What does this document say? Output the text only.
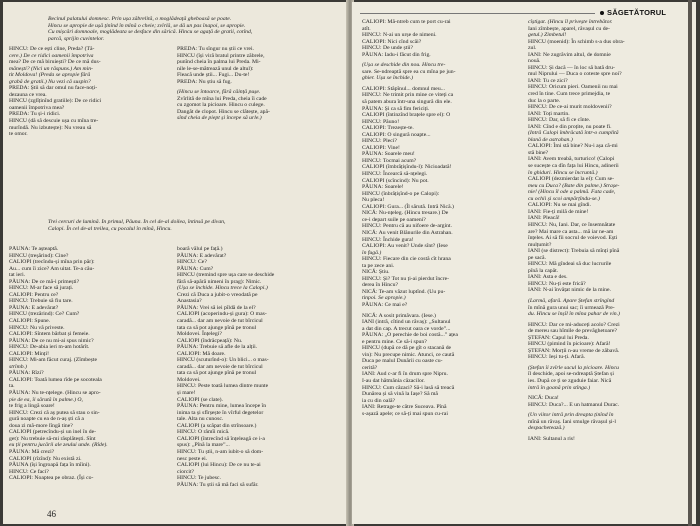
Becinul palatului domnesc. Prin ușa zăbrelită, o moglădeață gheboasă se poate.
Hincu se apropie de ușă ținînd în mînă o cheie; zvîrlă, se dă un pas înapoi, se apropie.
Cu mișcări domnoale, moglădeata se desface din sărică. Hincu se agață de gratii, cotînd,
parcă, sprijin cuvintelor.
HINCU: De ce ești cline, Preda? (Tă-
cere.) De ce ridici oamenii împotriva
mea? De ce mă biruiești? De ce mă dus-
mănești? (Nici un răspuns.) Am min-
tit Moldova! (Preda se apropie fără
grabă de gratii.) Nu vezi că suspin?
PREDA: Știi să dar omul nu face-noți-
dezauna ce vrea.
HINCU (zglîținînd gratiile): De ce ridici
oamenii împotriva mea?
PREDA: Tu și-i ridici.
HINCU (dă să descuie ușa cu mîna tre-
murîndă. Nu izbutește): Nu vreau să
te omor.
PREDA: Tu sîngur nu știi ce vrei.
HINCU (își viră bratul printre zăbrele,
punînd cheia în palma lui Preda. Mi-
nile le-se-mătrează unul de altul):
Fleacă unde știi... Fugi... Du-te!
PREDA: Nu știu să fug.
(Hincu se întoarce, fără căință pușe.
Zvîrlită de mîna lui Preda, cheia îi cade
cu zgomot la picioare. Hincu o culege.
Dangăt de clopot. Hincu se clătește, apă-
sînd cheia de piept și începe să urle.)
Trei cercuri de lumină. În primul, Păuna. În cel de-al doilea, întinsă pe divan,
Calopi. În cel de-al treilea, cu pocalul în mînă, Hincu.
PĂUNA: Te așteaptă.
HINCU (treșărind): Cine?
CALIOPI (trecîndu-și mîna prin păr):
Au... cum îi zice? Am uitat. Te-a cău-
tat ieri.
PĂUNA: De ce mă-i primești?
HINCU: M-ar face să jurați.
CALIOPI: Pentru ce?
HINCU: Trebuie să fiu tare.
PĂUNA: E adevărat?
HINCU (trezărind): Ce? Cum?
CALIOPI: Spune.
HINCU: Nu vă priveste.
CALIOPI: Sîntem bărbat și femeie.
PĂUNA: De ce nu mi-ai spus nimic?
HINCU: De-abia ieri m-am hotărît.
CALIOPI: Minți!
HINCU: Mi-am făcut curaj. (Zîmbește
strîmb.)
PĂUNA: Rîzi?
CALIOPI: Toată lumea rîde pe socoteala
ta.
PĂUNA: Nu te-nțelege. (Hincu se apro-
pie de ea, îi sărută în palme.) O,
te frig a lingă soare!
HINCU: Crezi că aș putea să stau o sin-
gură noapte cu ea de n-aș ști că a
doua zi mă-more lîngă tine?
CALIOPI (petrecîndu-și un inel în de-
get): Nu trebuie să-mi răsplătești. Sînt
eu ții pentru jucării ale zeului unde. (Rîde).
PĂUNA: Mă crezi?
CALIOPI (rîzînd): Nu există zi.
PĂUNA (își îngroapă fața în mîini).
HINCU: Ce faci?
CALIOPI: Noaptea pe obraz. (Își co-
boară vălul pe față.)
PĂUNA: E adevărat?
HINCU: Ce?
PĂUNA: Cum?
HINCU (tremind spre ușa care se deschide
fără să-apără nimeni în prag): Nimic.
(Ușa se închide. Hincu trece la Calopi.)
Crezi că Duca a jubit-o vreodată pe
Anastasia?
PĂUNA: Vrei să iei pîldă de la el?
CALIOPI (acoperindu-și gura): O mas-
caradă... dar am nevoie de tut bîrcicul
tata ca să pot ajunge pînă pe tronul
Moldovei. Înțelegi?
CALIOPI (îndrăcpeață): Nu.
PĂUNA: Trebuie să afle de la alții.
CALIOPI: Mă doare.
HINCU (scuturînd-o): Un blici... o mas-
caradă... dar am nevoie de tut bîrcicul
tata ca să pot ajunge pînă pe tronul
Moldovei.
HINCU: Peste toată lumea dintre munte
și mare!
CALIOPI (se clate).
PĂUNA: Pentru mine, lumea începe în
inima ta și sfîrșește în vîrful degetelor
tale. Alta nu cunosc.
CALIOPI (a scăpat din strînsoare.)
HINCU: O rămîi mică.
CALIOPI (întrecînd să înțeleagă ce i-a
spus): „Pînă la mare”...
HINCU: Tu știi, n-am iubit-o să dom-
nesc peste ei.
CALIOPI (lui Hincu): De ce nu te-ai
ciorcit?
HINCU: Te jubesc.
PĂUNA: Tu știi să mă faci să sufăr.
46
CALIOPI: Mă-ntreb cum te port cu-rai
atît.
HINCU: N-ai un urșe de nimeni.
CALIOPI: Nici cînd scăi?
HINCU: De unde știi?
PĂUNA: Iadu-i făcut din frig.
(Ușa se deschide din nou. Hincu tre-
sare. Se-ndreaptă spre ea cu mîna pe jun-
ghier. Ușa se închide.)
CALIOPI: Stăpînul... domnul meu...
HINCU: Ne trimit prin mine ce viteți ca
să patem abura într-una singură din ele.
PĂUNA: Și ca să fim fericiți.
CALIOPI (întinzînd brațele spre el): O
HINCU: Păuno!
CALIOPI: Trezește-te.
CALIOPI: O singură noapte...
HINCU: Pleci?
CALIOPI: Vine!
PĂUNA: Soarele meu!
HINCU: Tocmai acum?
CALIOPI (îmbrățișîndu-l): Nicioadată!
HINCU: Încearcă să-nțelegi.
CALIOPI (scîncind): Nu pot.
PĂUNA: Soarele!
HINCU (înbrățișînd-o pe Calopi):
Nu pleca!
CALIOPI: Gura... (Îl sărută. Intră Nică.)
NICĂ: Nu-nțeleg. (Hincu tresare.) De
ce-i depart suile pe oameni?
HINCU: Pentru că au nifoere de-argint.
NICĂ: Au venit Blănurile din Astrahan.
HINCU: Închide gura!
CALIOPI: Au venit? Unde sînt? (Iese
în fugă.)
HINCU: Fiecare din cie costă cît hrana
ta pe zece ani.
NICĂ: Știu.
HINCU: Și? Tot nu ți-ai pierdut încre-
derea în Hincu?
NICĂ: Te-am văzut luptînd. (Uu pu-
tinpoi. Se apropie.)
PĂUNA: Ce mai e?
NICĂ: A sosit primăvara. (Iese.)
IANI (intră, cîtind un răvaș): „Sultanul
a dat din cap. A trecut oara ce vorde”...
PĂUNA: „O perechie de boi costă...” ațea
e pentru mine. Ce să-i spun?
HINCU (după ce dă pe gît o stacană de
vin): Nu precupe nimic. Atunci, ce caută
Duca pe malul Dunării cu oaste cu-
cerită?
IANI: Aud c-ar fi în drum spre Nipru.
I-au dat hătmănia căzacilor.
HINCU: Cum căzaci? Să-i lasă să treacă
Dunărea și să vină la Iașe? Să mă
ia cu din oală?
IANI: Retrage-te către Suceava. Pînă
s-așază apele; ce să-ți mai spun cu-rai
cîștigat. (Hincu îl privește întrebător.
Iani zîmbește, aparel, răvașul cu de-
getul.) Zimbetul!
HINCU (moenid): În schimb s-a dus obra-
zul.
IANI: Ne zugrăvim altul, de domnie
nouă.
HINCU: Și dacă — în loc să bată dru-
mul Niprului — Duca o coteste spre noi?
IANI: Tu ce zici?
HINCU: Oricum pieri. Oamenii nu mai
cred în tine. Cum trece primejdia, te
duc la o parte.
HINCU: De ce-ai murit moldovenii?
IANI: Toți martin.
HINCU: Dar, să fi ce cînte.
IANI: Cînd e din proțite, nu poate fi.
(Intră Calopi îmbrăcată într-o cumplită
blană de astrahan.)
CALIOPI: Îmi stă bine? Nu-i așa că-mi
stă bine?
IANI: Avem treabă, turturico! (Calopi
se sucește ca dîn fața lui Hincu, adinerii
în ghiduri. Hincu se încruntă.)
CALIOPI (dezmierdat la el): Cum se-
meu cu Duca? (Bate din palme.) Strașe-
nie! (Hincu îl ode a palmă. Fata cade,
cu ochii și scoi ampărțîndu-se.)
CALIOPI: Nu se mai gîndi.
IANI: Fie-ți milă de mine!
IANI: Pleacă!
HINCU: Nu, Iani. Dar, ce însemnătate
are? Mai mare ca asta... mă iar ne-am
înțeles. Ai să fii socrul de voievod. Ești
mulțumit?
IANI (se distrect): Trebuia să mînți pînă
pe sacă.
HINCU: Mă gîndeai să duc lucrurile
pînă la capăt.
IANI: Asta e des.
HINCU: Nu-ți este frică?
IANI: N-ai învățat nimic de la mine.
(Larmă, afară. Apare Ștefan strîngînd
în mînă gura unui sac; îi urmează Pre-
du. Hincu se înșîl în mîna pahar de vin.)
HINCU: Dar ce mi-aduceți acolo? Crezi
de mereu sau hîmile de prevăghetoare?
ȘTEFAN: Capul lui Preda.
HINCU (pimind în picioare): Afară!
ȘTEFAN: Morții n-au vreme de zăbavă.
HINCU: Ieși tu-ți. Afară.
(Ștefan îi zvîrle sacul la picioare. Hincu
îl deschide, apoi se-ndreaptă Ștefan și
ies. După ce ți se zguduie faiar. Nică
intră în goană prin stînga.)
NICĂ: Duca!
HINCU: Duca?... E un hatmanul Durac.
(Un viitor intră prin dreapta ținînd în
mînă un răvaș. Iani smulge răvașul și-l
despachetează.)
IANI: Sultanul a ris!
SĂGETĂTORUL
